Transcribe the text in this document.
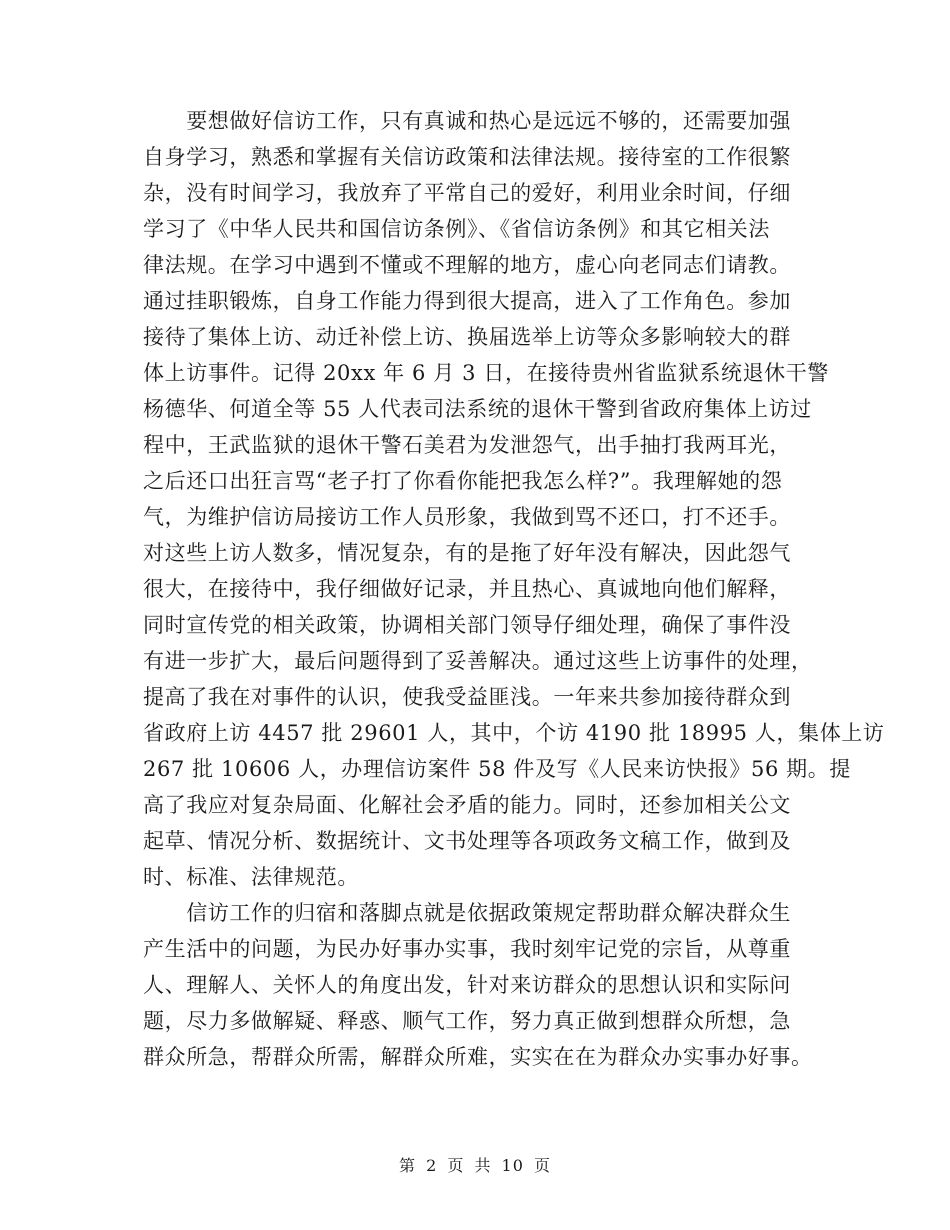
　　要想做好信访工作，只有真诚和热心是远远不够的，还需要加强
自身学习，熟悉和掌握有关信访政策和法律法规。接待室的工作很繁
杂，没有时间学习，我放弃了平常自己的爱好，利用业余时间，仔细
学习了《中华人民共和国信访条例》、《省信访条例》和其它相关法
律法规。在学习中遇到不懂或不理解的地方，虚心向老同志们请教。
通过挂职锻炼，自身工作能力得到很大提高，进入了工作角色。参加
接待了集体上访、动迁补偿上访、换届选举上访等众多影响较大的群
体上访事件。记得 20xx 年 6 月 3 日，在接待贵州省监狱系统退休干警
杨德华、何道全等 55 人代表司法系统的退休干警到省政府集体上访过
程中，王武监狱的退休干警石美君为发泄怨气，出手抽打我两耳光，
之后还口出狂言骂“老子打了你看你能把我怎么样?”。我理解她的怨
气，为维护信访局接访工作人员形象，我做到骂不还口，打不还手。
对这些上访人数多，情况复杂，有的是拖了好年没有解决，因此怨气
很大，在接待中，我仔细做好记录，并且热心、真诚地向他们解释，
同时宣传党的相关政策，协调相关部门领导仔细处理，确保了事件没
有进一步扩大，最后问题得到了妥善解决。通过这些上访事件的处理，
提高了我在对事件的认识，使我受益匪浅。一年来共参加接待群众到
省政府上访 4457 批 29601 人，其中，个访 4190 批 18995 人，集体上访
267 批 10606 人，办理信访案件 58 件及写《人民来访快报》56 期。提
高了我应对复杂局面、化解社会矛盾的能力。同时，还参加相关公文
起草、情况分析、数据统计、文书处理等各项政务文稿工作，做到及
时、标准、法律规范。
　　信访工作的归宿和落脚点就是依据政策规定帮助群众解决群众生
产生活中的问题，为民办好事办实事，我时刻牢记党的宗旨，从尊重
人、理解人、关怀人的角度出发，针对来访群众的思想认识和实际问
题，尽力多做解疑、释惑、顺气工作，努力真正做到想群众所想，急
群众所急，帮群众所需，解群众所难，实实在在为群众办实事办好事。
第 2 页 共 10 页
